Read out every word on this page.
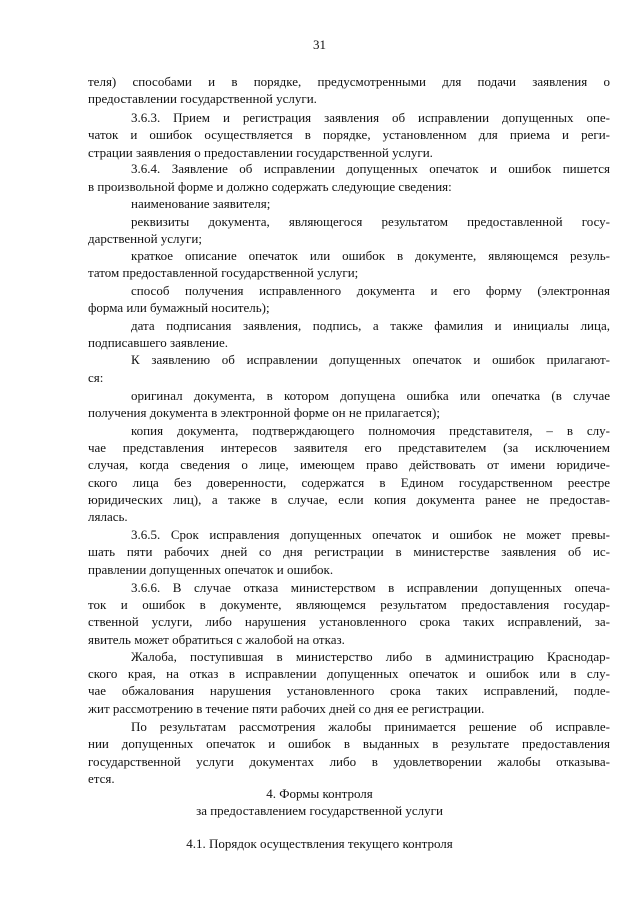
31
теля) способами и в порядке, предусмотренными для подачи заявления о
предоставлении государственной услуги.
3.6.3. Прием и регистрация заявления об исправлении допущенных опе-
чаток и ошибок осуществляется в порядке, установленном для приема и реги-
страции заявления о предоставлении государственной услуги.
3.6.4. Заявление об исправлении допущенных опечаток и ошибок пишется
в произвольной форме и должно содержать следующие сведения:
наименование заявителя;
реквизиты документа, являющегося результатом предоставленной госу-
дарственной услуги;
краткое описание опечаток или ошибок в документе, являющемся резуль-
татом предоставленной государственной услуги;
способ получения исправленного документа и его форму (электронная
форма или бумажный носитель);
дата подписания заявления, подпись, а также фамилия и инициалы лица,
подписавшего заявление.
К заявлению об исправлении допущенных опечаток и ошибок прилагают-
ся:
оригинал документа, в котором допущена ошибка или опечатка (в случае
получения документа в электронной форме он не прилагается);
копия документа, подтверждающего полномочия представителя, – в слу-
чае представления интересов заявителя его представителем (за исключением
случая, когда сведения о лице, имеющем право действовать от имени юридиче-
ского лица без доверенности, содержатся в Едином государственном реестре
юридических лиц), а также в случае, если копия документа ранее не предостав-
лялась.
3.6.5. Срок исправления допущенных опечаток и ошибок не может превы-
шать пяти рабочих дней со дня регистрации в министерстве заявления об ис-
правлении допущенных опечаток и ошибок.
3.6.6. В случае отказа министерством в исправлении допущенных опеча-
ток и ошибок в документе, являющемся результатом предоставления государ-
ственной услуги, либо нарушения установленного срока таких исправлений, за-
явитель может обратиться с жалобой на отказ.
Жалоба, поступившая в министерство либо в администрацию Краснодар-
ского края, на отказ в исправлении допущенных опечаток и ошибок или в слу-
чае обжалования нарушения установленного срока таких исправлений, подле-
жит рассмотрению в течение пяти рабочих дней со дня ее регистрации.
По результатам рассмотрения жалобы принимается решение об исправле-
нии допущенных опечаток и ошибок в выданных в результате предоставления
государственной услуги документах либо в удовлетворении жалобы отказыва-
ется.
4. Формы контроля
за предоставлением государственной услуги
4.1. Порядок осуществления текущего контроля
